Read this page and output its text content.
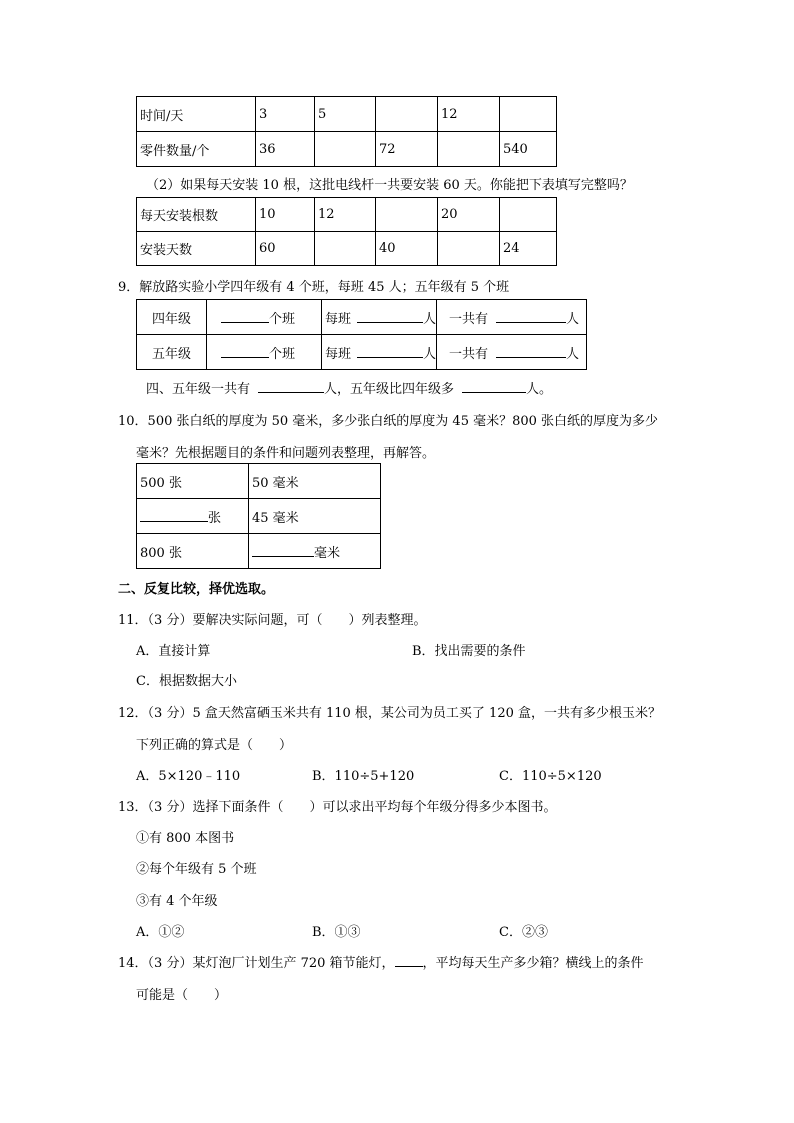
时间/天	3	5		12	
零件数量/个	36		72		540
（2）如果每天安装 10 根，这批电线杆一共要安装 60 天。你能把下表填写完整吗？
每天安装根数	10	12		20	
安装天数	60		40		24
9．解放路实验小学四年级有 4 个班，每班 45 人；五年级有 5 个班
四年级	个班	每班 人	一共有 人
五年级	个班	每班 人	一共有 人
四、五年级一共有	人，五年级比四年级多	人。
10．500 张白纸的厚度为 50 毫米，多少张白纸的厚度为 45 毫米？800 张白纸的厚度为多少
毫米？先根据题目的条件和问题列表整理，再解答。
500 张	50 毫米
张	45 毫米
800 张	毫米
二、反复比较，择优选取。
11．（3 分）要解决实际问题，可（　　）列表整理。
A．直接计算	B．找出需要的条件
C．根据数据大小
12．（3 分）5 盒天然富硒玉米共有 110 根，某公司为员工买了 120 盒，一共有多少根玉米？
下列正确的算式是（　　）
A．5×120﹣110	B．110÷5+120	C．110÷5×120
13．（3 分）选择下面条件（　　）可以求出平均每个年级分得多少本图书。
①有 800 本图书
②每个年级有 5 个班
③有 4 个年级
A．①②	B．①③	C．②③
14．（3 分）某灯泡厂计划生产 720 箱节能灯， ，平均每天生产多少箱？横线上的条件
可能是（　　）
